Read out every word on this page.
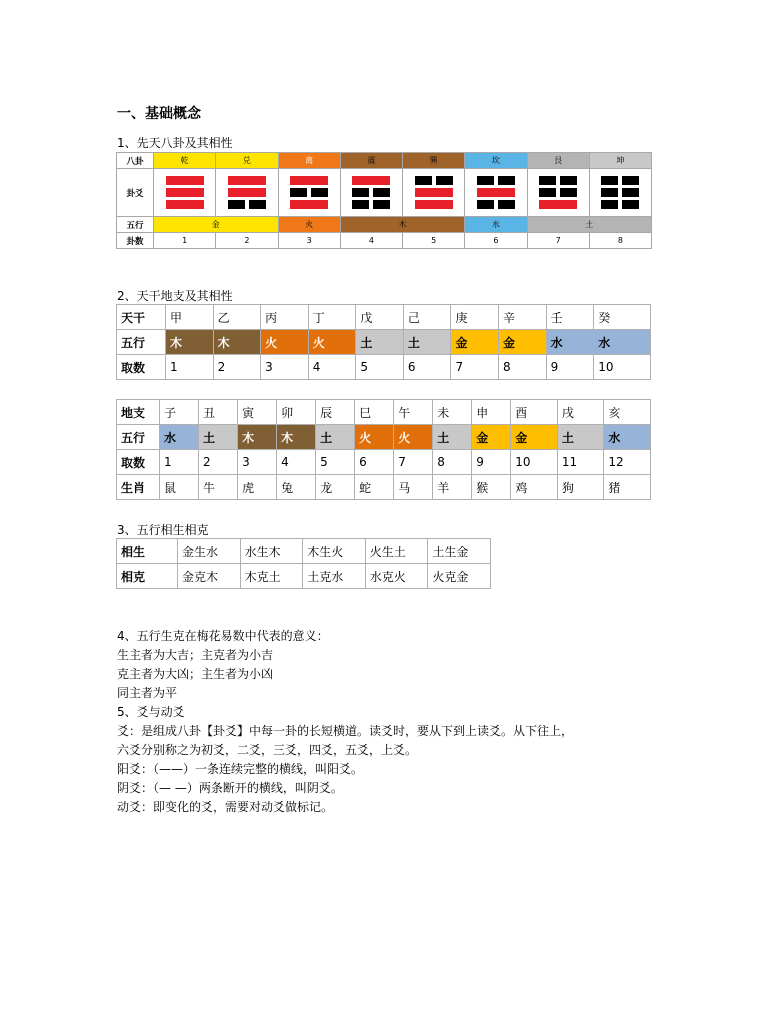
一、基础概念
1、先天八卦及其相性
八卦	乾	兑	离	震	巽	坎	艮	坤
卦爻	

五行	金		火	木		水	土	
卦数	1	2	3	4	5	6	7	8
2、天干地支及其相性
天干	甲	乙	丙	丁	戊	己	庚	辛	壬	癸
五行	木	木	火	火	土	土	金	金	水	水
取数	1	2	3	4	5	6	7	8	9	10
地支	子	丑	寅	卯	辰	巳	午	未	申	酉	戌	亥
五行	水	土	木	木	土	火	火	土	金	金	土	水
取数	1	2	3	4	5	6	7	8	9	10	11	12
生肖	鼠	牛	虎	兔	龙	蛇	马	羊	猴	鸡	狗	猪
3、五行相生相克
相生	金生水	水生木	木生火	火生土	土生金
相克	金克木	木克土	土克水	水克火	火克金
4、五行生克在梅花易数中代表的意义：
生主者为大吉；主克者为小吉
克主者为大凶；主生者为小凶
同主者为平
5、爻与动爻
爻：是组成八卦【卦爻】中每一卦的长短横道。读爻时，要从下到上读爻。从下往上，
六爻分别称之为初爻，二爻，三爻，四爻，五爻，上爻。
阳爻：（——）一条连续完整的横线，叫阳爻。
阴爻：（— —）两条断开的横线，叫阴爻。
动爻：即变化的爻，需要对动爻做标记。
